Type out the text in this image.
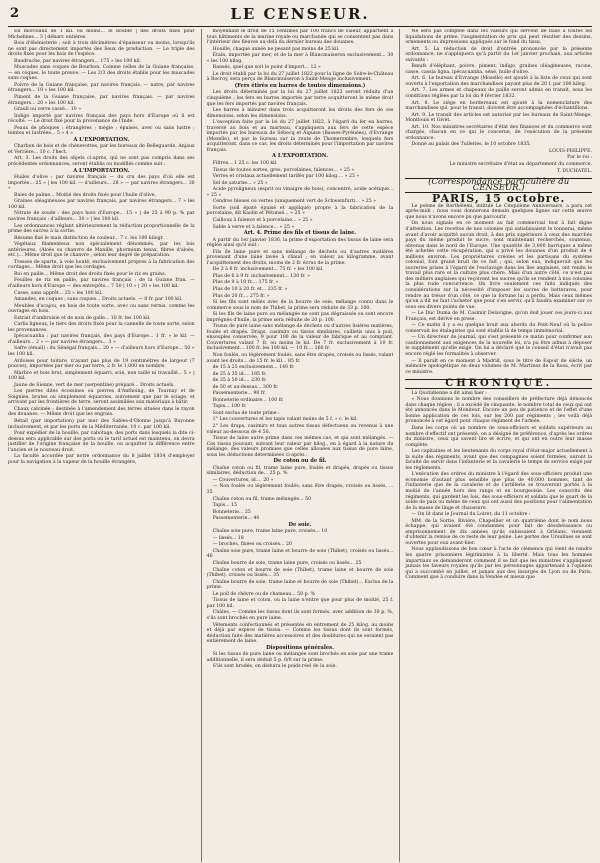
2	LE CENSEUR.

En morceaux de 1 kil. ou moins... le double | des droits fixés pour Michelines... 3 | débarr. entières.

Bois d'ébénisterie ; soit à trois décimètres d'épaisseur ou moins, lorsqu'ils ne sont pas directement importés des lieux de production. — Le triple des droits fixés pour les bois de l'espèce.

Baudruche, par navires étrangers... 175 » les 100 kil.

Muscades sans coques de Bourbon. Comme celles de la Guiane française. — en coques, le toute preuve. — Les 2/3 des droits établis pour les muscades sans coques.

Poivre de la Guiane française, par navires français. — natre, par navires étrangers... 10 » les 100 kil.

Piment de la Guiane française, par navires français. — par navires étrangers... 20 » les 100 kil.

Graull ou verre cassé... 10 »

Indigo importé par navires français des pays hors d'Europe où il est récolté. — Le droit fixé pour la provenance de l'Inde.

Peaux de phoques : étrangères ; mégie ; épuises, avec ou sans lustre ; teintes et lustrées... 5 » 4 »

A L'EXPORTATION.

Charbon de bois et de chènevottes, par les bureaux de Belleguarde, Anjaux et Verrière... 10 c. l'hect.

Art. 3. Les droits des objets ci-après, qui ne sont pas compris dans ses précédentes ordonnances, seront établis ou modifiés comme suit :

A L'IMPORTATION.

Huiles d'olive : par navires français — du cru des pays d'où elle est importée... 25 » | les 100 kil. — d'ailleurs... 28 » — par navires étrangers... 30 »

Baies de palme... Moitié des droits fixés pour l'huile d'olive.

Graines oléagineuses par navires français, par navires étrangers... 7 » les 100 kil.

Nitrate de soude : des pays hors d'Europe... 15 » | de 25 à 90 p. % par navires français ; d'ailleurs... 30 » | les 100 kil.

Les ordonnances réglant ultérieurement la réduction proportionnelle de la prime des sucres à la sortie.

Résume fixé le mais distinction de couleur... 7 c. les 100 kilogr.

Végétaux filamenteux non spécialement dénommés, par les lois antérieures. (Aloès ou chanvre de Manille, phormium tenax, fibres d'aloès, etc.)... Même droit que le chanvre ; selon leur degré de préparation.

Tresses de sparte, à voie bouté, exclusivement propres à la fabrication des cordages... Même droit que les cordages.

Roi en paille... Même droit des droits fixés pour le riz en grains.

Feuilles de riz en paille, par navires français : de la Guiane fran. — d'ailleurs hors d'Europe — des entrepôts... 7 50 | 10 » | 20 » les 100 kil.

Casse, sans apprêt... 25 » les 100 kil.

Amandes, en coques ; sans coques... Droits actuels. — 8 fr. par 100 kil.

Meubles d'acajou, en bois de toute sorte, avec ou sans vernis, comme les ouvrages en bois.

Extrait d'ambroisie et de noix de galle... 10 fr. les 100 kil.

Carlis ligneux, le tiers des droits fixés pour la cannelle de toute sorte, selon les provenances.

Ipécacuanha : par navires français, des pays d'Europe... 1 fr. » le kil. — d'ailleurs... 2 » — par navires étrangers... 3 »

Safre (émail) : du Sénégal français... 20 » — d'ailleurs hors d'Europe... 50 » les 100 kil.

Ardoises pour toiture, n'ayant pas plus de 19 centimètres de largeur (7 pouces), importées par mer ou par terre, 2 fr. le 1,000 en nombre.

Marbre et bois brut, simplement équarri, scié, non taillé ni travaillé... 5 » | 100 kil.

Jaune de Sienne, vert de mer (serpentine) préparé... Droits actuels.

Les pierres dites écossines ou pierres d'Anthoing, de Tournay et de Soignies, brutes ou simplement équarries, autrement que par le sciage, et arrivant par les frontières de terre, seront assimilées aux matériaux à bâtir.

Chaux calcinée ; destinée à l'amendement des terres situées dans le rayon des douanes. — Même droit que les engrais.

Bétail (par importation) par mer des Sables-d'Olonne jusqu'à Bayonne inclusivement, et par les ports de la Méditerranée, 10 c. par 100 kil.

Pour expédier de la houille, par cabotage, des ports dans lesquels la dite ci-dessus sera applicable sur des ports où le tarif actuel est maintenu, on devra justifier de l'origine française de la houille, ou acquitter la différence entre l'ancien et le nouveau droit.

La faculté accordée par notre ordonnance du 8 juillet 1834 d'employer pour la navigation à la vapeur de la houille étrangère,

moyennant le droit de 15 centimes par 100 francs de valeur, appartient à tous bâtiments de la marine royale ou marchande qui se consentent pas dans l'intérieur des fleuves au-delà du dernier bureau des douanes.

Houille, chaque année ne pesant pas moins de 25 kil.

Étain, importée par mer, et de la mer à Blancmuiseron exclusivement... 30 » les 100 kilog.

Ransés, quel que soit le point d'import... 12 »

Le droit établi par la loi du 27 juillet 1822 pour la ligne de Solre-le-Château à Rocroy, sera perçu de Blancmuiseron à Saint-Menge inclusivement.

(Fers étirés en barres de toutes dimensions.)

Les droits déterminés par la loi du 27 juillet 1822 seront réduits d'un cinquième ; les fers en barres importés par terre acquitteront le même droit que les fers importés par navires français.

Les barres à minurer dans trois acquitteront les droits des fers de ces dimensions, selon les dimensions.

L'exception faite par la loi du 27 juillet 1822, à l'égard du fer en barres, traversé au bois et au marteau, s'appliquera aux fers de cette espèce importés par les bureaux de Sébecq et Aiguise (Basses-Pyrénées), d'Evrange (Moselle), et par le bureau sur la route de Thomerombre, lesquels fers acquitteront, dans ce cas, les droits déterminés pour l'importation par navires français.

A L'EXPORTATION.

Filtres... 1 25 c. les 100 kil.

Tissus de toutes sortes, gros, porcelaines, faïences... » 25 »

Verres et cristaux actuellement tarifés par 100 kilog.... » 25 »

Sel de saturne... » 25 »

Acide pyroligneux (esprit ou vinaigre de bois), concentré, acide acétique... » 25 »

Cendres bleues ou vertes (uniquement vert de Schweinfurt)... » 25 »

Sorte (soil épaté épuisé et appliqué) propre à la fabrication de la porcelaine, dit Kaolin et Pétunsé... » 25 »

Cailloux à faïence et à porcelaine... » 25 »

Sable à verre et à faïence... » 25 »

Art. 4. Prime des fils et tissus de laine.

A partir du 1er janvier 1836, la prime d'exportation des tissus de laine sera réglée ainsi qu'il suit :

Fils de laine pure et sans mélange de déchets ou d'autres matières provenant d'une laine lavée à chaud ; en valeur au kilogramme, avant l'acquittement des droits, moins de 2 fr. écrus de la prime.

De 2 à 6 fr. inclusivement... 75 fr. » les 100 kil.

Plus de 6 à 9 fr. inclusivement... 130 fr. »

Plus de 9 à 10 fr.... 175 fr. »

Plus de 10 à 20 fr. et... 235 fr. »

Plus de 20 fr.... 275 fr. »

Si les fils sont mêlés avec de la bourre de soie, mélange connu dans le commerce sous le nom de Thibet, la prime sera réduite de 33 p. 100.

Si les fils de laine pure ou mélangée ne sont pas dégraissés ou sont encore imprégnés d'huile, la prime sera réduite de 20 p. 100.

Tissus de pure laine sans mélange de déchets ou d'autres lisières matières, foulés et drapés. Draps, casimirs ou tissus similaires, cailletis unis à poil, ensouples conservée, 9 pour 100 de la valeur de fabrique et au comptant. Couvertures valant 7 fr. ou moins le kil. De 7 fr. exclusivement à 10 fr. inclusivement... 100 fr. les 100 kil. — 10 fr.... 160 fr.

Non foulés, ou légèrement foulés, sans être drapés, croisés ou lissés, valant avant les droits... de 15 fr. le kil... 85 fr.

de 15 à 25 exclusivement... 140 fr.

de 25 à 35 id.... 185 fr.

de 35 à 50 id.... 230 fr.

de 50 et au-dessus... 300 fr.

Passementerie... 90 fr.

Bonneterie ordinaire... 100 fr.

Tapis... 100 fr.

Sont exclus de toute prime :

1° Les couvertures et les tapis valant moins de 5 f. » c. le kil.

2° Les draps, casimirs et tous autres tissus défectueux ou revenus à une valeur au-dessous de 4 50.

Tissus de laine autre prime dans ces mêmes cas, et qui sont mélangés. — Ces tissus pouvant, suivant leur valeur par kilog., en à égard à la nature du mélange, des valeurs promues que celles allouées aux tissus de pure laine, sous les déductions déterminées ci-après :

De coton ou de fil.

Chaîne coton ou fil, trame laine pure, foulés et drapés, drapés ou tissus similaires, déduction de... 25 p. %

— Couvertures, id.... 20 »

— Non foulés ou légèrement foulés, sans être drapés, croisés ou lissés, ... 35

Chaîne coton ou fil, trame mélangée... 50

Tapis... 15

Bonneterie... 25

Passementerie... 40

De soie.

Chaîne soie pure, trame laine pure, croisés... 10

— lissés... 18

— brochés, fixées ou croisés... 20

Chaîne soie pure, trame laine et bourre de soie (Thibet), croisés ou lissés... 40

Chaîne bourre de soie, trame laine pure, croisés ou lissés... 25

Chaîne coton et bourre de soie (Thibet), trame laine et bourre de soie (Thibet), croisés ou lissés... 35

Chaîne bourre de soie, trame laine et bourre de soie (Thibet)... Exclus de la prime.

Le poil de chèvre ou de chameau... 50 p. %

Tissus de laine et coton, où la laine n'entre que pour plus de moitié, 25 f. par 100 kil.

Châles. — Comme les tissus dont ils sont formés, avec addition de 30 p. %, s'ils sont brochés en pure laine.

Vêtements confectionnés et présentés en entrement de 25 kilog. au moins et déjà par espèce de tissus. — Comme les tissus dont ils sont formés, déduction faite des matières accessoires et des doublures qui ne seraient pas entièrement de laine.

Dispositions générales.

Si les tissus de pure laine ou mélangée sont brochés en soie par une trame additionnelle, il sera déduit 5 p. 0/0 sur la prime.

S'ils sont brodés, on déduira le poids réel de la soie.

Ne sera pas comptée dans les valeurs qui servent de base à toutes les liquidations de prime, l'augmentation de prix qui peut résulter des dessins, ornements ou impressions appliqués sur le fond du tissu.

Art. 5. La réduction de droit d'entrée prononcée par la présente ordonnance, ne s'appliquera qu'à partir du 1er janvier prochain, aux articles suivants :

Bœufs d'éléphant, poivre, piment, indigo, graines oléagineuses, racine, casse, cassia ligna, ipécacuanha, séné, huile d'olive.

Art. 6. Le bureau d'Evrange (Moselle) est ajouté à la liste de ceux qui sont ouverts à l'exportation des marchandises payant plus de 20 f. par 100 kilog.

Art. 7. Les armes et chapeaux de paille seront admis en transit, sous les conditions réglées par la loi du 9 février 1832.

Art. 8. Le siège en bordereaux est ajouté à la nomenclature des marchandises qui, pour le transit, doivent être accompagnées d'échantillons.

Art. 9. Le transit des articles est autorisé par les bureaux de Saint-Menge, Montlouis et Givet.

Art. 10. Nos ministres secrétaires d'état des finances et du commerce sont chargés, chacun en ce qui le concerne, de l'exécution de la présente ordonnance.

Donné au palais des Tuileries, le 10 octobre 1835.

LOUIS-PHILIPPE.
Par le roi :
Le ministre secrétaire d'état au département du commerce,
T. DUCHATEL.
(Correspondance particulière du CENSEUR.)
PARIS, 15 octobre.

Le poème de Barthélemi, intitulé Le Cinquième Anniversaire, a paru cet après-midi ; nous vous donnerons demain quelques lignes sur cette œuvre que nous n'avons encore pu que parcourir.

On nous signale en ce moment au fait commercial tout à fait digne d'attention. Les recettes de nos colonies qui satisfaisaient le tonnerai, même avant d'avoir acquitté aucun droit, à des prix supérieurs à ceux des marchés pays du même produit le sucre, sont maintenant recherchés, soutenus, obtenus dans le nord de l'Europe. Une quantité de 3,000 barriques a même été achetée cette récupération, qui a privé les douanes d'un produit de 4 millions environ. Les propriétaires créoles et les partisans du système colonial, font grand bruit de ce fait ; qui, selon eux, indiquerait que les sucreries prises à l'égard de l'esclavage dans les îles anglaises, ont rendu le travail plus rare et la culture plus chère. Mais d'un autre côté, ce n'est pas des milliers anglaises qui reçoivent les sucres qu'ils se rendent à nos colonies la plus rude concurrence. On livre seulement ces faits indiqués des considérations sur la nécessité d'imposer les sucres de betteraves, pour rendre au trésor d'un côté, ce que la fortune lui a perdu. Mais ceux mêmes qu'on a dit ne faut l'acheter que pour s'en servir, qu'il faudra examiner sur ce sous ses divers points de vue.

— Le Duc Duma de M. Casimir Delavigne, qu'on doit jouer ces jours-ci aux Français, est dérivé en prose.

— Ce matin il y a eu quelque bruit aux abords du Pont-Neuf où la police conservait les étalagistes qui sont établis là de temps immémorial.

— Un directeur de journal, qui s'est présenté ce matin pour confirmer son cautionnement aux exigences de la nouvelle loi, n'a pu être admis à déposer le supplément qu'elle exige. On lui a déclaré que le conseil d'état n'avait pas encore réglé les formalités à observer.

— Il paraît en ce moment à Madrid, sous le titre de Espoir de siècle, un mémoire apologétique en deux volumes de M. Martinez de la Rosa, écrit par ce ministre.

CHRONIQUE.

La Quotidienne a dit ainsi hier :

« Nous donnions le nombre des conseillers de préfecture déjà dénoncés dans chaque région ; il a excédé de cinquante, le nombre total de ceux qui ont été annoncés dans le Moniteur. Encore un peu de patience et de l'effet d'une bonne application de ces lois, sur les 200 par régiments ; les voilà déjà prononcés à cet égard pour chaque régiment de l'armée.

Dans les corps où un nombre de sous-officiers et soldats supérieurs au nombre d'effectif ont présenté, on a désigné de préférence, d'après les ordres du ministre, ceux qui savent lire et écrire, et qui ont en outre leur masse complète.

Les capitaines et les lieutenants du corps royal d'état-major actuellement à la suite des régiments, avant que des compagnies soient formées, auront la faculté de servir dans l'infanterie et la cavalerie le temps de service exigé par les règlements.

L'exécution des ordres du ministre à l'égard des sous-officiers produit une économie d'autant plus sensible que plus de 40,000 hommes, tant de l'infanterie que de la cavalerie et de l'artillerie se trouveront portés à la moitié de l'année hors des rangs et en bourgeoisie. Les conscrits des régiments, qui gardent les lois, des sous-officiers et soldats que le quart de la solde de paix ou même de ceux qui ont aussi des positions pour l'alimentation de la masse de linge et chaussure.

— On lit dans le Journal du Loiret, du 11 octobre :

MM. de la Sortie, Rivière, Chapellier et un quatrième dont le nom nous échappe, qui avaient été condamnés pour fait de désobéissance ou emprisonnement de dix années qu'ils subissaient à Orléans, viennent d'obtenir la remise de ce reste de leur peine. Les portes des Ursulines se sont ouvertes pour eux avant-hier.

Nous applaudissons de bon cœur à l'acte de clémence qui vient de rendre les quatre prisonniers légitimistes à la liberté. Mais tous les hommes impartiaux se demanderont comment il se fait que les ministres s'appliquent jamais les faveurs royales qu'ils par les personnages appartenant à l'opinion qui a succombé en juillet, et jamais aux des insurgés de Lyon ou de Paris. Comment que à conduire dans la Vendée et mieux que
